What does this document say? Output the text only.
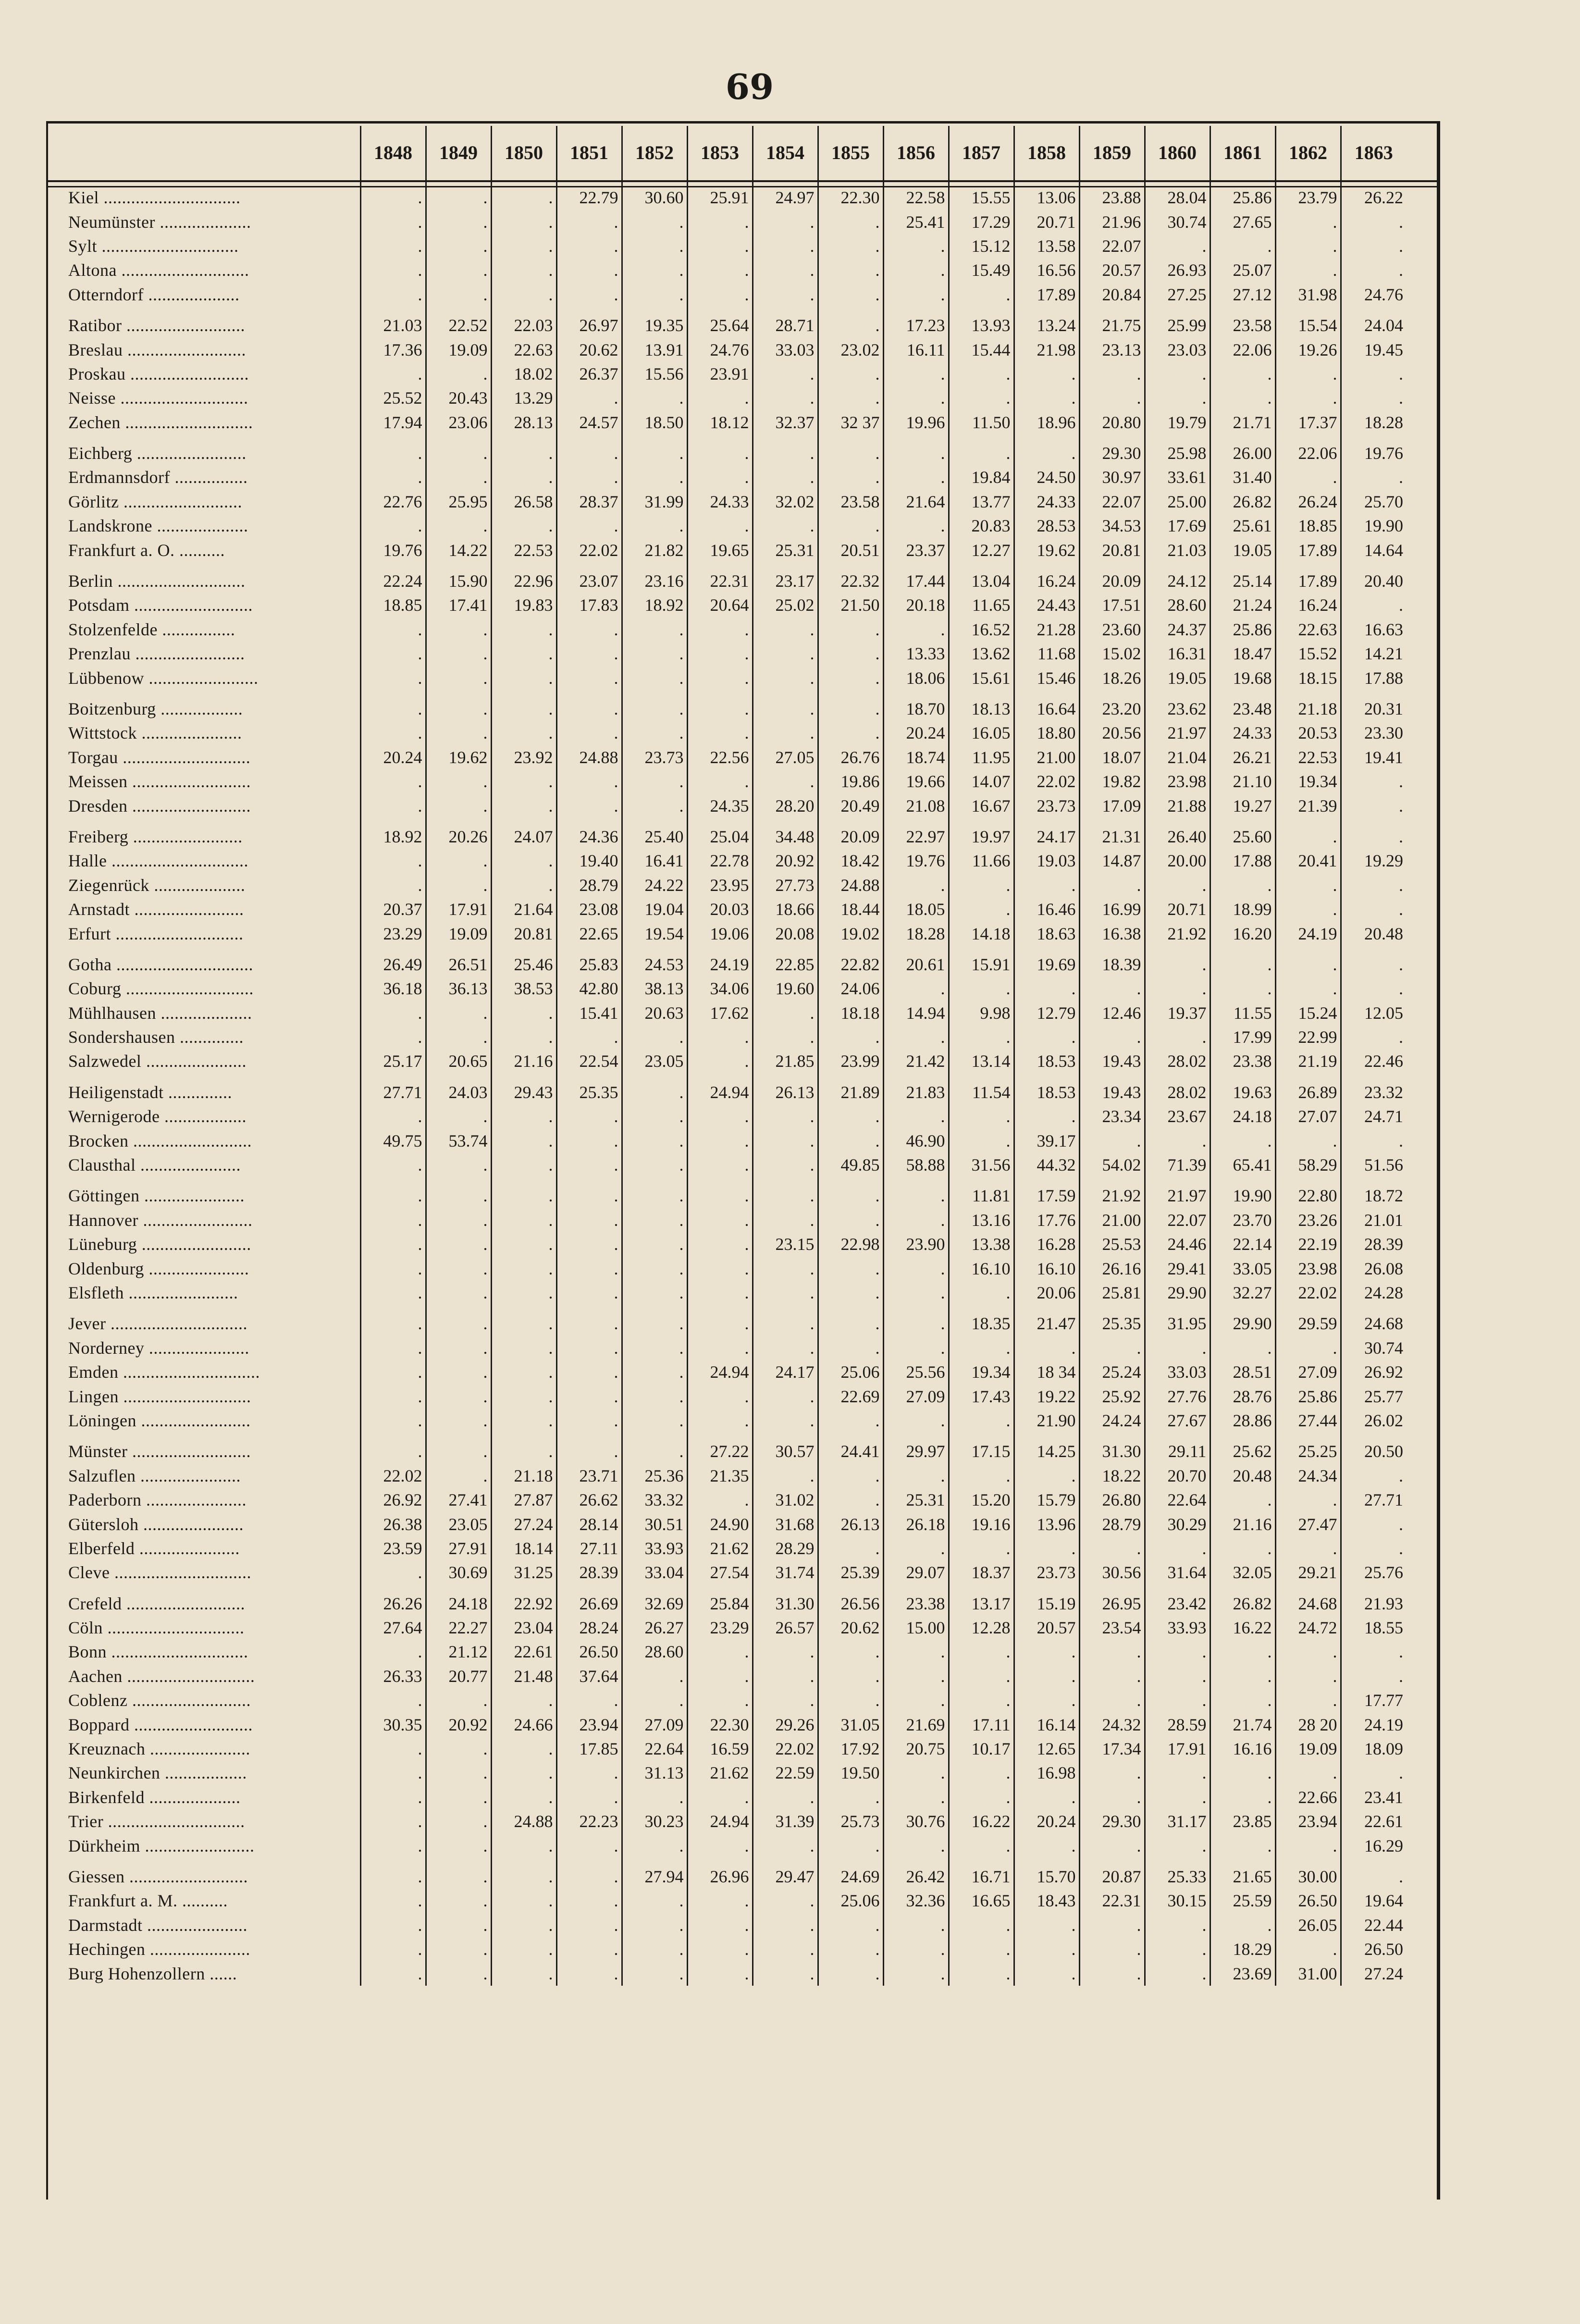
69
	1848	1849	1850	1851	1852	1853	1854	1855	1856	1857	1858	1859	1860	1861	1862	1863

Kiel ..............................	.	.	.	22.79	30.60	25.91	24.97	22.30	22.58	15.55	13.06	23.88	28.04	25.86	23.79	26.22
Neumünster ....................	.	.	.	.	.	.	.	.	25.41	17.29	20.71	21.96	30.74	27.65	.	.
Sylt ..............................	.	.	.	.	.	.	.	.	.	15.12	13.58	22.07	.	.	.	.
Altona ............................	.	.	.	.	.	.	.	.	.	15.49	16.56	20.57	26.93	25.07	.	.
Otterndorf ....................	.	.	.	.	.	.	.	.	.	.	17.89	20.84	27.25	27.12	31.98	24.76

Ratibor ..........................	21.03	22.52	22.03	26.97	19.35	25.64	28.71	.	17.23	13.93	13.24	21.75	25.99	23.58	15.54	24.04
Breslau ..........................	17.36	19.09	22.63	20.62	13.91	24.76	33.03	23.02	16.11	15.44	21.98	23.13	23.03	22.06	19.26	19.45
Proskau ..........................	.	.	18.02	26.37	15.56	23.91	.	.	.	.	.	.	.	.	.	.
Neisse ............................	25.52	20.43	13.29	.	.	.	.	.	.	.	.	.	.	.	.	.
Zechen ............................	17.94	23.06	28.13	24.57	18.50	18.12	32.37	32 37	19.96	11.50	18.96	20.80	19.79	21.71	17.37	18.28

Eichberg ........................	.	.	.	.	.	.	.	.	.	.	.	29.30	25.98	26.00	22.06	19.76
Erdmannsdorf ................	.	.	.	.	.	.	.	.	.	19.84	24.50	30.97	33.61	31.40	.	.
Görlitz ..........................	22.76	25.95	26.58	28.37	31.99	24.33	32.02	23.58	21.64	13.77	24.33	22.07	25.00	26.82	26.24	25.70
Landskrone ....................	.	.	.	.	.	.	.	.	.	20.83	28.53	34.53	17.69	25.61	18.85	19.90
Frankfurt a. O. ..........	19.76	14.22	22.53	22.02	21.82	19.65	25.31	20.51	23.37	12.27	19.62	20.81	21.03	19.05	17.89	14.64

Berlin ............................	22.24	15.90	22.96	23.07	23.16	22.31	23.17	22.32	17.44	13.04	16.24	20.09	24.12	25.14	17.89	20.40
Potsdam ..........................	18.85	17.41	19.83	17.83	18.92	20.64	25.02	21.50	20.18	11.65	24.43	17.51	28.60	21.24	16.24	.
Stolzenfelde ................	.	.	.	.	.	.	.	.	.	16.52	21.28	23.60	24.37	25.86	22.63	16.63
Prenzlau ........................	.	.	.	.	.	.	.	.	13.33	13.62	11.68	15.02	16.31	18.47	15.52	14.21
Lübbenow ........................	.	.	.	.	.	.	.	.	18.06	15.61	15.46	18.26	19.05	19.68	18.15	17.88

Boitzenburg ..................	.	.	.	.	.	.	.	.	18.70	18.13	16.64	23.20	23.62	23.48	21.18	20.31
Wittstock ......................	.	.	.	.	.	.	.	.	20.24	16.05	18.80	20.56	21.97	24.33	20.53	23.30
Torgau ............................	20.24	19.62	23.92	24.88	23.73	22.56	27.05	26.76	18.74	11.95	21.00	18.07	21.04	26.21	22.53	19.41
Meissen ..........................	.	.	.	.	.	.	.	19.86	19.66	14.07	22.02	19.82	23.98	21.10	19.34	.
Dresden ..........................	.	.	.	.	.	24.35	28.20	20.49	21.08	16.67	23.73	17.09	21.88	19.27	21.39	.

Freiberg ........................	18.92	20.26	24.07	24.36	25.40	25.04	34.48	20.09	22.97	19.97	24.17	21.31	26.40	25.60	.	.
Halle ..............................	.	.	.	19.40	16.41	22.78	20.92	18.42	19.76	11.66	19.03	14.87	20.00	17.88	20.41	19.29
Ziegenrück ....................	.	.	.	28.79	24.22	23.95	27.73	24.88	.	.	.	.	.	.	.	.
Arnstadt ........................	20.37	17.91	21.64	23.08	19.04	20.03	18.66	18.44	18.05	.	16.46	16.99	20.71	18.99	.	.
Erfurt ............................	23.29	19.09	20.81	22.65	19.54	19.06	20.08	19.02	18.28	14.18	18.63	16.38	21.92	16.20	24.19	20.48

Gotha ..............................	26.49	26.51	25.46	25.83	24.53	24.19	22.85	22.82	20.61	15.91	19.69	18.39	.	.	.	.
Coburg ............................	36.18	36.13	38.53	42.80	38.13	34.06	19.60	24.06	.	.	.	.	.	.	.	.
Mühlhausen ....................	.	.	.	15.41	20.63	17.62	.	18.18	14.94	9.98	12.79	12.46	19.37	11.55	15.24	12.05
Sondershausen ..............	.	.	.	.	.	.	.	.	.	.	.	.	.	17.99	22.99	.
Salzwedel ......................	25.17	20.65	21.16	22.54	23.05	.	21.85	23.99	21.42	13.14	18.53	19.43	28.02	23.38	21.19	22.46

Heiligenstadt ..............	27.71	24.03	29.43	25.35	.	24.94	26.13	21.89	21.83	11.54	18.53	19.43	28.02	19.63	26.89	23.32
Wernigerode ..................	.	.	.	.	.	.	.	.	.	.	.	23.34	23.67	24.18	27.07	24.71
Brocken ..........................	49.75	53.74	.	.	.	.	.	.	46.90	.	39.17	.	.	.	.	.
Clausthal ......................	.	.	.	.	.	.	.	49.85	58.88	31.56	44.32	54.02	71.39	65.41	58.29	51.56

Göttingen ......................	.	.	.	.	.	.	.	.	.	11.81	17.59	21.92	21.97	19.90	22.80	18.72
Hannover ........................	.	.	.	.	.	.	.	.	.	13.16	17.76	21.00	22.07	23.70	23.26	21.01
Lüneburg ........................	.	.	.	.	.	.	23.15	22.98	23.90	13.38	16.28	25.53	24.46	22.14	22.19	28.39
Oldenburg ......................	.	.	.	.	.	.	.	.	.	16.10	16.10	26.16	29.41	33.05	23.98	26.08
Elsfleth ........................	.	.	.	.	.	.	.	.	.	.	20.06	25.81	29.90	32.27	22.02	24.28

Jever ..............................	.	.	.	.	.	.	.	.	.	18.35	21.47	25.35	31.95	29.90	29.59	24.68
Norderney ......................	.	.	.	.	.	.	.	.	.	.	.	.	.	.	.	30.74
Emden ..............................	.	.	.	.	.	24.94	24.17	25.06	25.56	19.34	18 34	25.24	33.03	28.51	27.09	26.92
Lingen ............................	.	.	.	.	.	.	.	22.69	27.09	17.43	19.22	25.92	27.76	28.76	25.86	25.77
Löningen ........................	.	.	.	.	.	.	.	.	.	.	21.90	24.24	27.67	28.86	27.44	26.02

Münster ..........................	.	.	.	.	.	27.22	30.57	24.41	29.97	17.15	14.25	31.30	29.11	25.62	25.25	20.50
Salzuflen ......................	22.02	.	21.18	23.71	25.36	21.35	.	.	.	.	.	18.22	20.70	20.48	24.34	.
Paderborn ......................	26.92	27.41	27.87	26.62	33.32	.	31.02	.	25.31	15.20	15.79	26.80	22.64	.	.	27.71
Gütersloh ......................	26.38	23.05	27.24	28.14	30.51	24.90	31.68	26.13	26.18	19.16	13.96	28.79	30.29	21.16	27.47	.
Elberfeld ......................	23.59	27.91	18.14	27.11	33.93	21.62	28.29	.	.	.	.	.	.	.	.	.
Cleve ..............................	.	30.69	31.25	28.39	33.04	27.54	31.74	25.39	29.07	18.37	23.73	30.56	31.64	32.05	29.21	25.76

Crefeld ..........................	26.26	24.18	22.92	26.69	32.69	25.84	31.30	26.56	23.38	13.17	15.19	26.95	23.42	26.82	24.68	21.93
Cöln ..............................	27.64	22.27	23.04	28.24	26.27	23.29	26.57	20.62	15.00	12.28	20.57	23.54	33.93	16.22	24.72	18.55
Bonn ..............................	.	21.12	22.61	26.50	28.60	.	.	.	.	.	.	.	.	.	.	.
Aachen ............................	26.33	20.77	21.48	37.64	.	.	.	.	.	.	.	.	.	.	.	.
Coblenz ..........................	.	.	.	.	.	.	.	.	.	.	.	.	.	.	.	17.77
Boppard ..........................	30.35	20.92	24.66	23.94	27.09	22.30	29.26	31.05	21.69	17.11	16.14	24.32	28.59	21.74	28 20	24.19
Kreuznach ......................	.	.	.	17.85	22.64	16.59	22.02	17.92	20.75	10.17	12.65	17.34	17.91	16.16	19.09	18.09
Neunkirchen ..................	.	.	.	.	31.13	21.62	22.59	19.50	.	.	16.98	.	.	.	.	.
Birkenfeld ....................	.	.	.	.	.	.	.	.	.	.	.	.	.	.	22.66	23.41
Trier ..............................	.	.	24.88	22.23	30.23	24.94	31.39	25.73	30.76	16.22	20.24	29.30	31.17	23.85	23.94	22.61
Dürkheim ........................	.	.	.	.	.	.	.	.	.	.	.	.	.	.	.	16.29

Giessen ..........................	.	.	.	.	27.94	26.96	29.47	24.69	26.42	16.71	15.70	20.87	25.33	21.65	30.00	.
Frankfurt a. M. ..........	.	.	.	.	.	.	.	25.06	32.36	16.65	18.43	22.31	30.15	25.59	26.50	19.64
Darmstadt ......................	.	.	.	.	.	.	.	.	.	.	.	.	.	.	26.05	22.44
Hechingen ......................	.	.	.	.	.	.	.	.	.	.	.	.	.	18.29	.	26.50
Burg Hohenzollern ......	.	.	.	.	.	.	.	.	.	.	.	.	.	23.69	31.00	27.24
